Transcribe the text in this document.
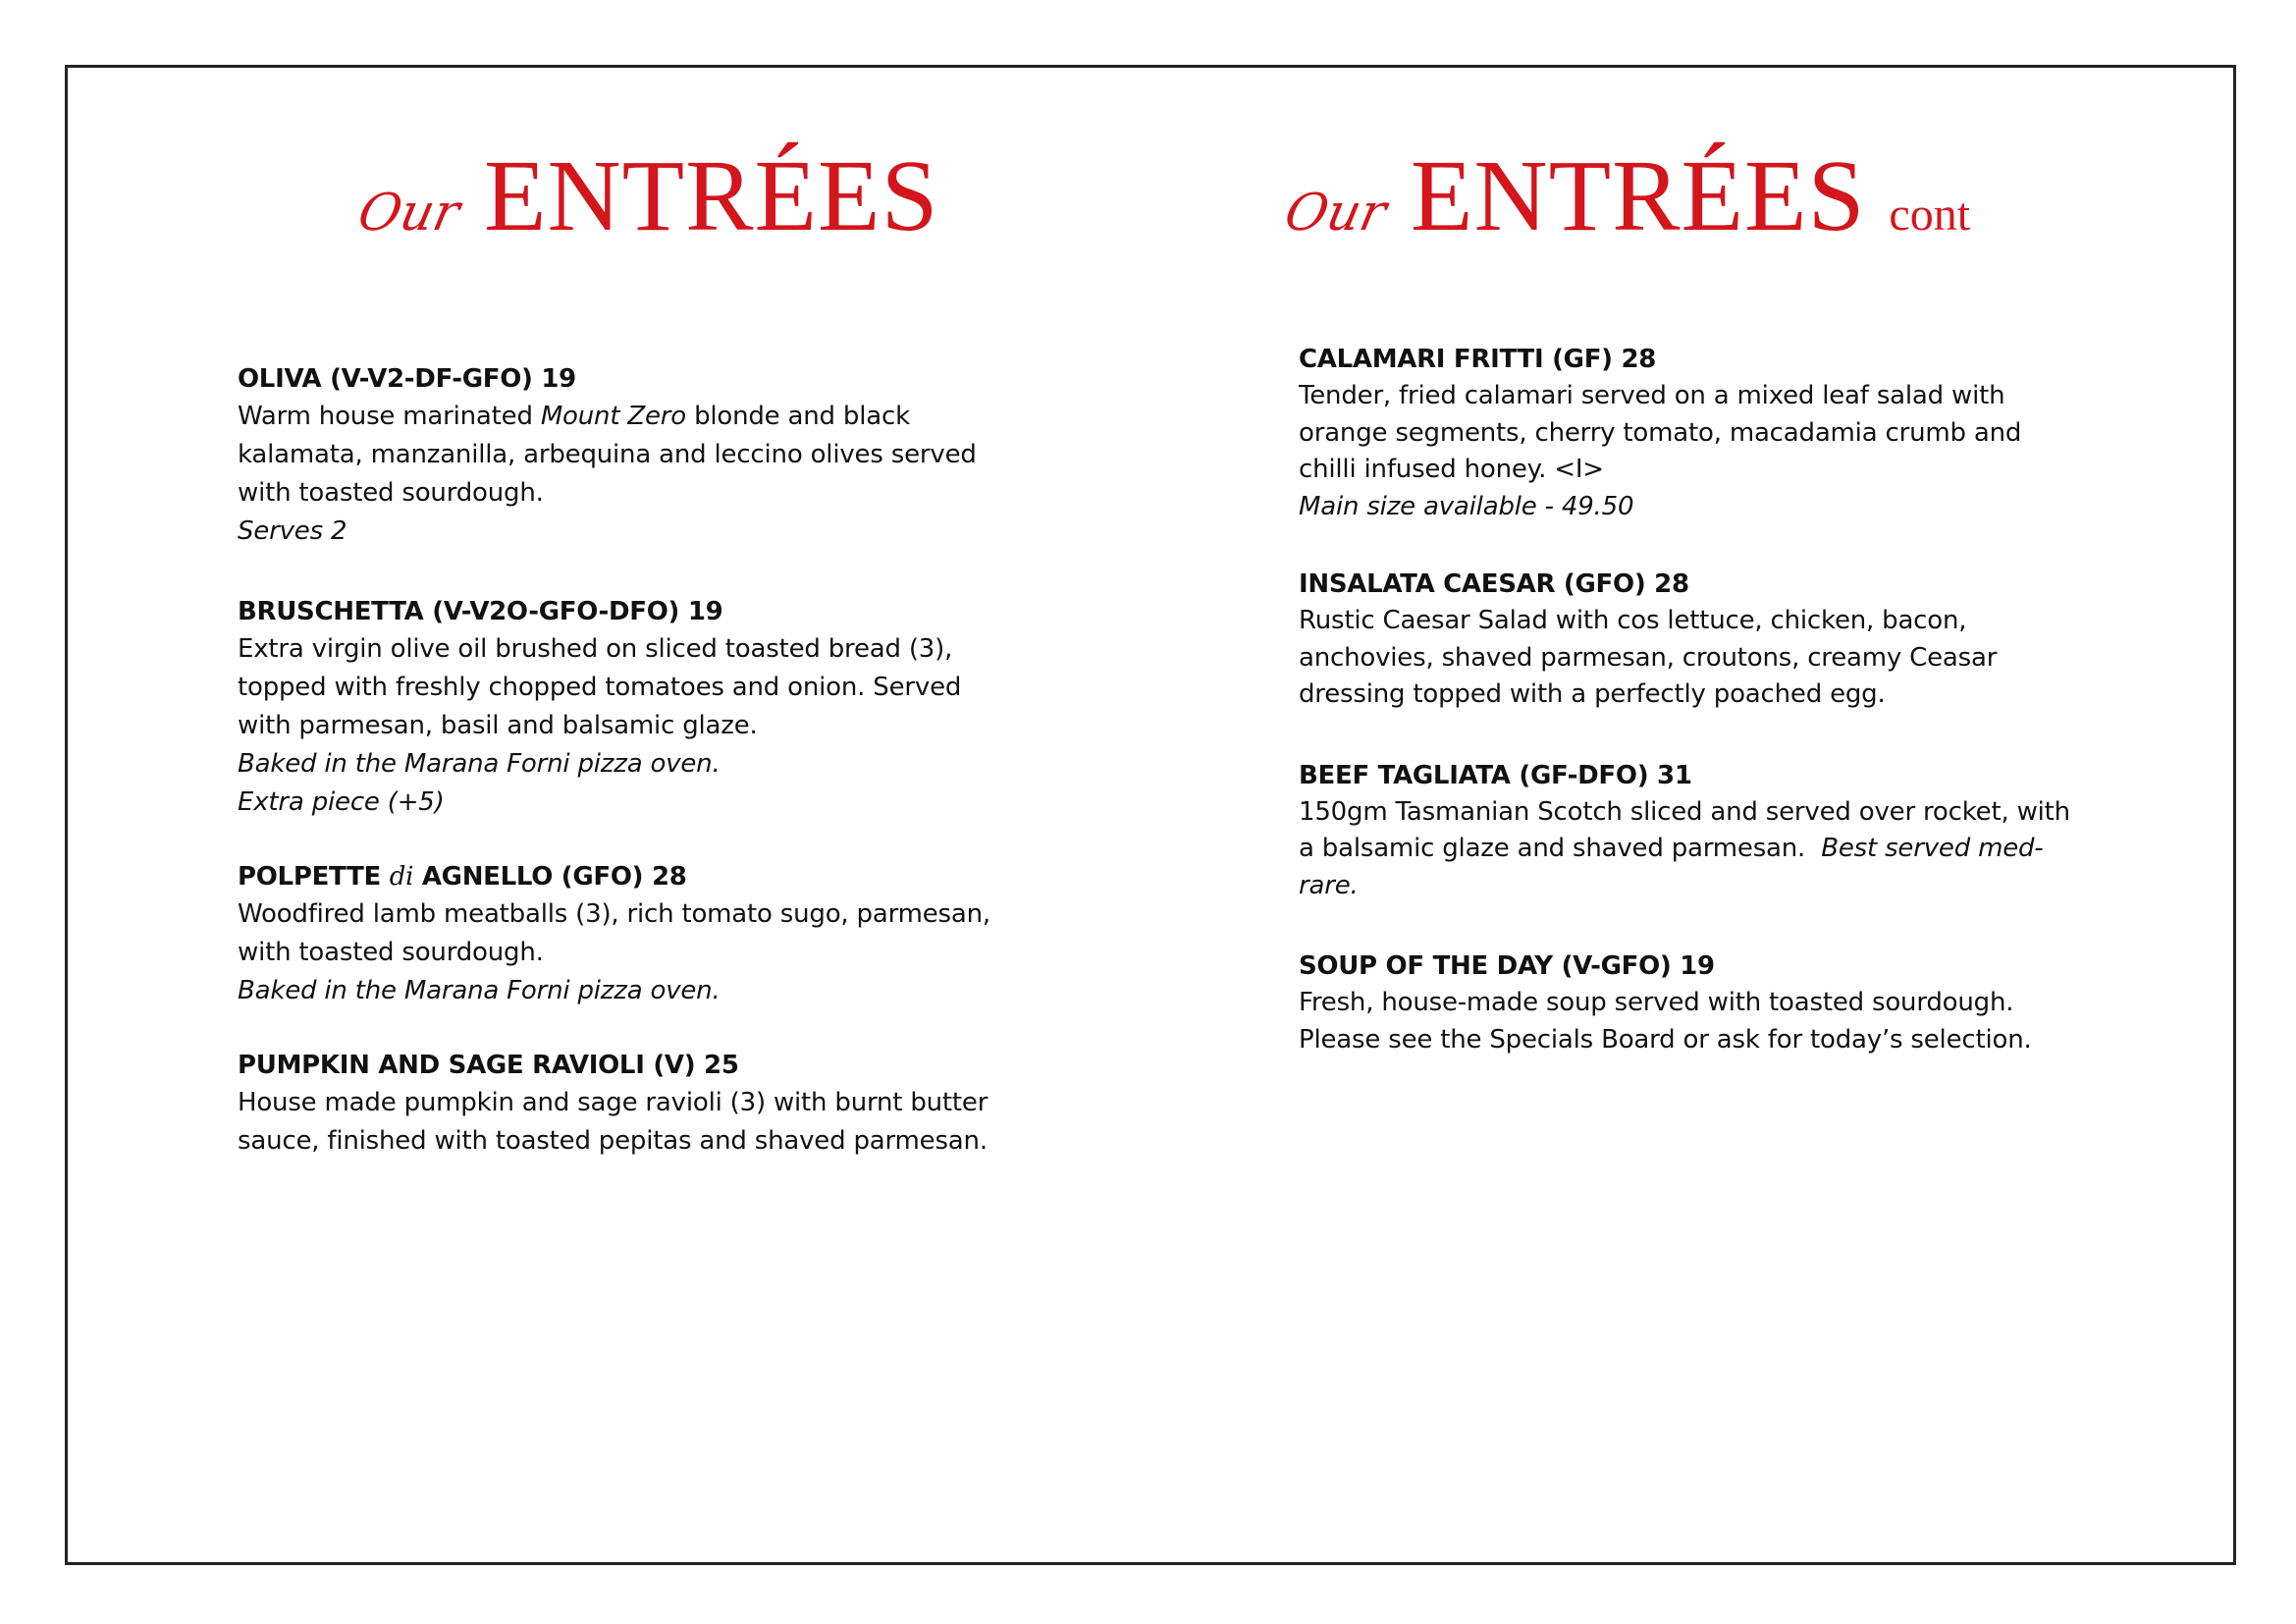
Our ENTRÉES	Our ENTRÉES cont
OLIVA (V-V2-DF-GFO) 19
Warm house marinated Mount Zero blonde and black kalamata, manzanilla, arbequina and leccino olives served with toasted sourdough.
Serves 2
BRUSCHETTA (V-V2O-GFO-DFO) 19
Extra virgin olive oil brushed on sliced toasted bread (3), topped with freshly chopped tomatoes and onion. Served with parmesan, basil and balsamic glaze.
Baked in the Marana Forni pizza oven.
Extra piece (+5)
POLPETTE di AGNELLO (GFO) 28
Woodfired lamb meatballs (3), rich tomato sugo, parmesan, with toasted sourdough.
Baked in the Marana Forni pizza oven.
PUMPKIN AND SAGE RAVIOLI (V) 25
House made pumpkin and sage ravioli (3) with burnt butter sauce, finished with toasted pepitas and shaved parmesan.
CALAMARI FRITTI (GF) 28
Tender, fried calamari served on a mixed leaf salad with orange segments, cherry tomato, macadamia crumb and chilli infused honey. <I>
Main size available - 49.50
INSALATA CAESAR (GFO) 28
Rustic Caesar Salad with cos lettuce, chicken, bacon, anchovies, shaved parmesan, croutons, creamy Ceasar dressing topped with a perfectly poached egg.
BEEF TAGLIATA (GF-DFO) 31
150gm Tasmanian Scotch sliced and served over rocket, with a balsamic glaze and shaved parmesan.  Best served med-rare.
SOUP OF THE DAY (V-GFO) 19
Fresh, house-made soup served with toasted sourdough. Please see the Specials Board or ask for today’s selection.
